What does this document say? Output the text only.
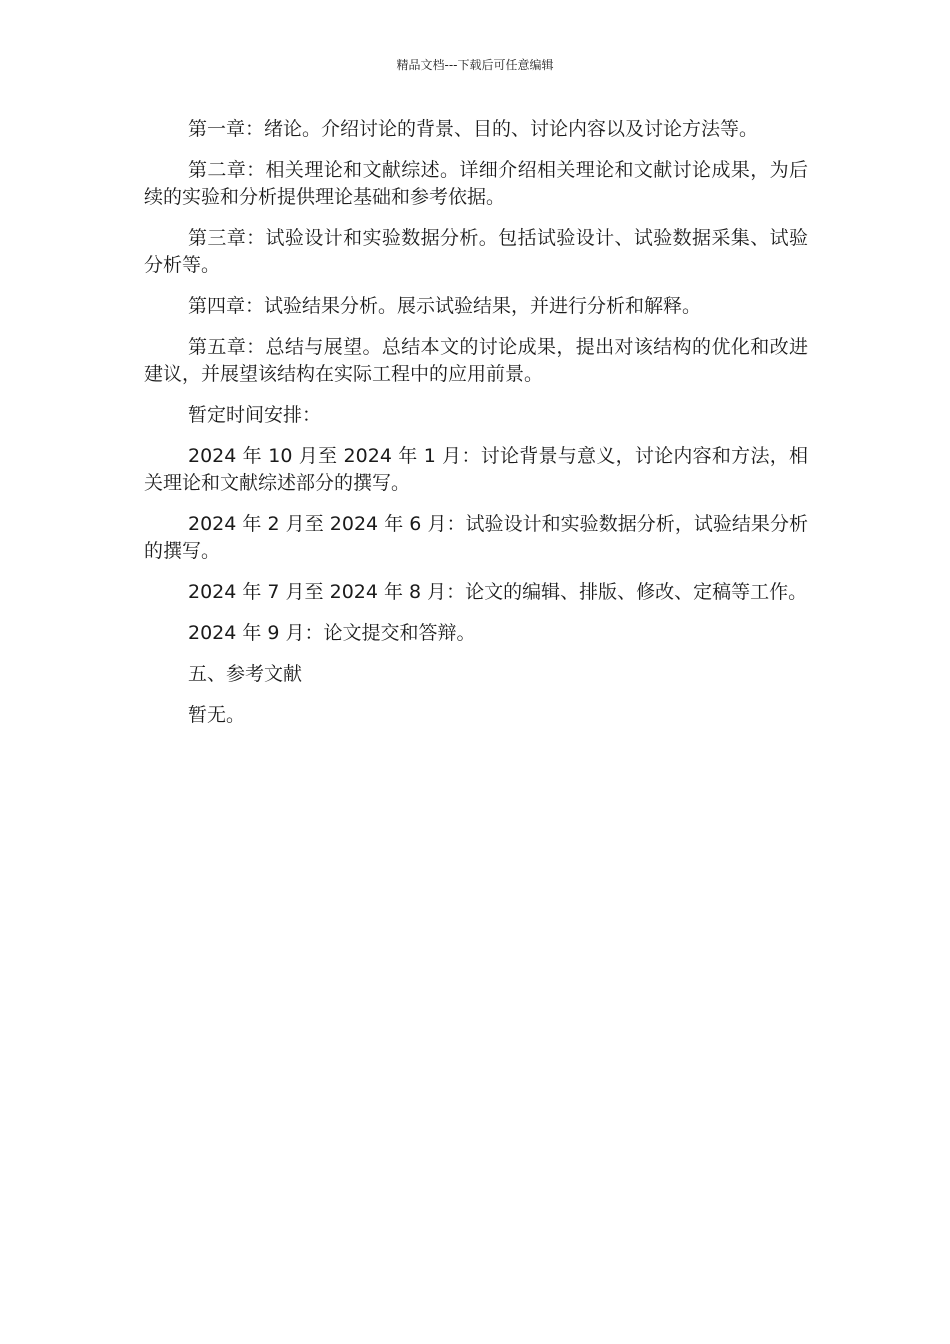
精品文档---下载后可任意编辑

第一章：绪论。介绍讨论的背景、目的、讨论内容以及讨论方法等。

第二章：相关理论和文献综述。详细介绍相关理论和文献讨论成果，为后续的实验和分析提供理论基础和参考依据。

第三章：试验设计和实验数据分析。包括试验设计、试验数据采集、试验分析等。

第四章：试验结果分析。展示试验结果，并进行分析和解释。

第五章：总结与展望。总结本文的讨论成果，提出对该结构的优化和改进建议，并展望该结构在实际工程中的应用前景。

暂定时间安排：

2024 年 10 月至 2024 年 1 月：讨论背景与意义，讨论内容和方法，相关理论和文献综述部分的撰写。

2024 年 2 月至 2024 年 6 月：试验设计和实验数据分析，试验结果分析的撰写。

2024 年 7 月至 2024 年 8 月：论文的编辑、排版、修改、定稿等工作。

2024 年 9 月：论文提交和答辩。

五、参考文献

暂无。
